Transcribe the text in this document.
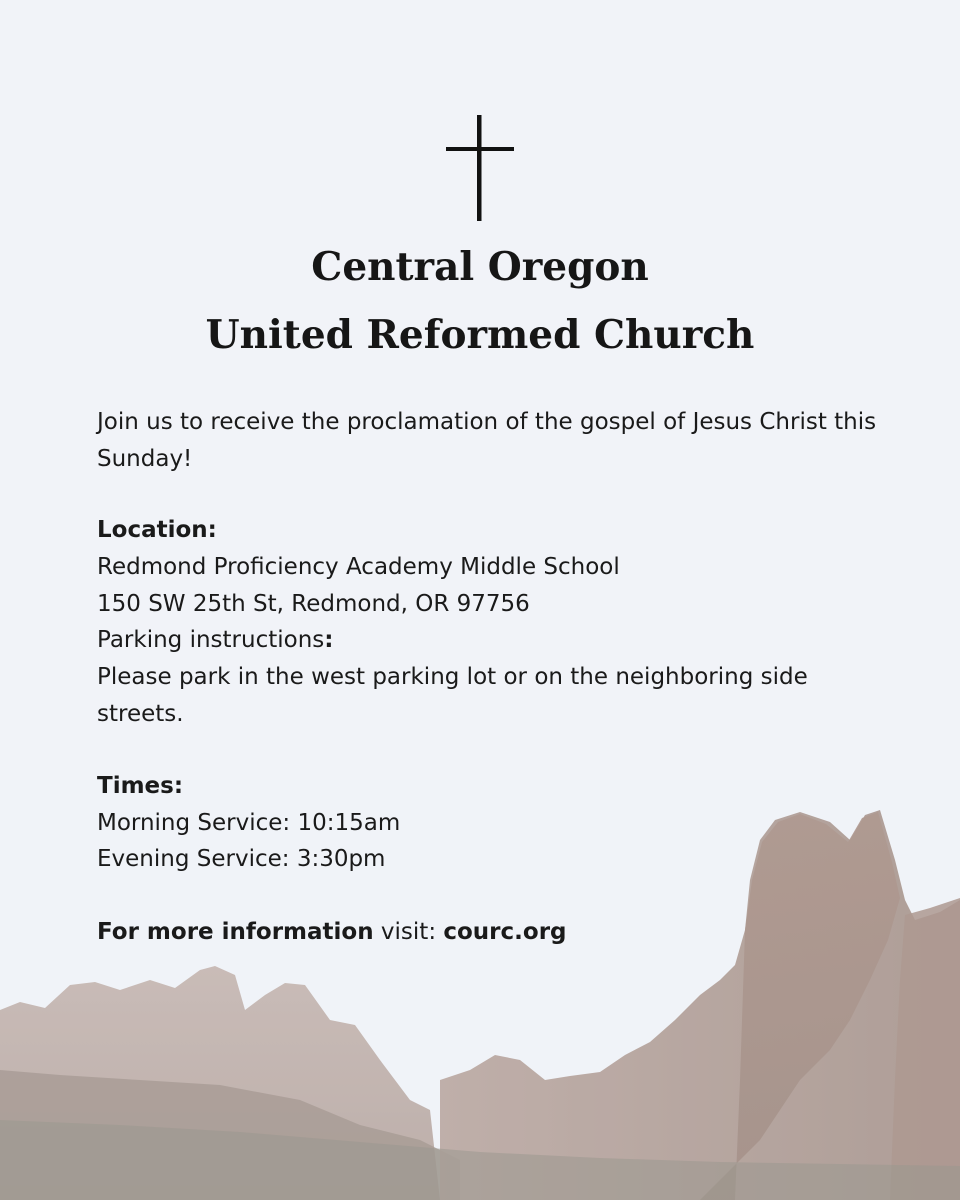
Central Oregon
United Reformed Church
Join us to receive the proclamation of the gospel of Jesus Christ this Sunday!
Location:
Redmond Proficiency Academy Middle School
150 SW 25th St, Redmond, OR 97756
Parking instructions:
Please park in the west parking lot or on the neighboring side
streets.
Times:
Morning Service: 10:15am
Evening Service: 3:30pm
For more information visit: courc.org
